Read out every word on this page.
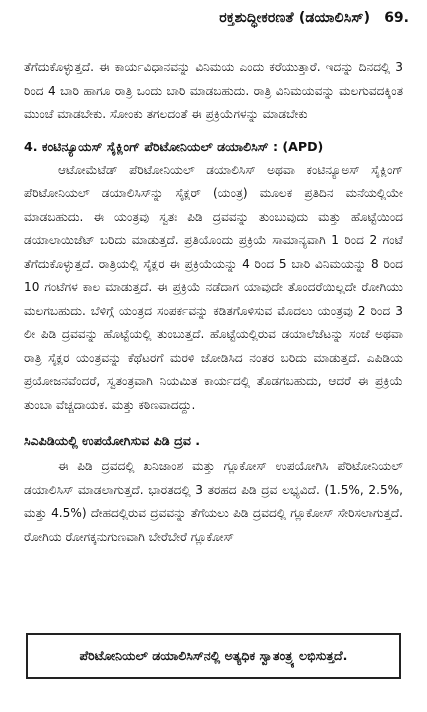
ರಕ್ತಶುದ್ಧೀಕರಣತೆ (ಡಯಾಲಿಸಿಸ್) 69.

ತೆಗೆದುಕೊಳ್ಳುತ್ತದೆ. ಈ ಕಾರ್ಯವಿಧಾನವನ್ನು ವಿನಿಮಯ ಎಂದು ಕರೆಯುತ್ತಾರೆ. ಇದನ್ನು ದಿನದಲ್ಲಿ 3 ರಿಂದ 4 ಬಾರಿ ಹಾಗೂ ರಾತ್ರಿ ಒಂದು ಬಾರಿ ಮಾಡಬಹುದು. ರಾತ್ರಿ ವಿನಿಮಯವನ್ನು ಮಲಗುವದಕ್ಕಿಂತ ಮುಂಚೆ ಮಾಡಬೇಕು. ಸೋಂಕು ತಗಲದಂತೆ ಈ ಪ್ರಕ್ರಿಯೆಗಳನ್ನು ಮಾಡಬೇಕು

4. ಕಂಟಿನ್ಯೂಯಸ್ ಸೈಕ್ಲಿಂಗ್ ಪೆರಿಟೋನಿಯಲ್ ಡಯಾಲಿಸಿಸ್ : (APD)

ಆಟೋಮೆಟೆಡ್ ಪೆರಿಟೋನಿಯಲ್ ಡಯಾಲಿಸಿಸ್ ಅಥವಾ ಕಂಟಿನ್ಯೂಅಸ್ ಸೈಕ್ಲಿಂಗ್ ಪೆರಿಟೋನಿಯಲ್ ಡಯಾಲಿಸಿಸ್‌ನ್ನು ಸೈಕ್ಲರ್ (ಯಂತ್ರ) ಮೂಲಕ ಪ್ರತಿದಿನ ಮನೆಯಲ್ಲಿಯೇ ಮಾಡಬಹುದು. ಈ ಯಂತ್ರವು ಸ್ವತಃ ಪಿಡಿ ದ್ರವವನ್ನು ತುಂಬುವುದು ಮತ್ತು ಹೊಟ್ಟೆಯಿಂದ ಡಯಾಲಾಯಿಜೆಟ್ ಬರಿದು ಮಾಡುತ್ತದೆ. ಪ್ರತಿಯೊಂದು ಪ್ರಕ್ರಿಯೆ ಸಾಮಾನ್ಯವಾಗಿ 1 ರಿಂದ 2 ಗಂಟೆ ತೆಗೆದುಕೊಳ್ಳುತ್ತದೆ. ರಾತ್ರಿಯಲ್ಲಿ ಸೈಕ್ಲರ ಈ ಪ್ರಕ್ರಿಯೆಯನ್ನು 4 ರಿಂದ 5 ಬಾರಿ ವಿನಿಮಯನ್ನು 8 ರಿಂದ 10 ಗಂಟೆಗಳ ಕಾಲ ಮಾಡುತ್ತದೆ. ಈ ಪ್ರಕ್ರಿಯೆ ನಡೆದಾಗ ಯಾವುದೇ ತೊಂದರೆಯಿಲ್ಲದೇ ರೋಗಿಯು ಮಲಗಬಹುದು. ಬೆಳಿಗ್ಗೆ ಯಂತ್ರದ ಸಂಪರ್ಕವನ್ನು ಕಡಿತಗೊಳಿಸುವ ಮೊದಲು ಯಂತ್ರವು 2 ರಿಂದ 3 ಲೀ ಪಿಡಿ ದ್ರವವನ್ನು ಹೊಟ್ಟೆಯಲ್ಲಿ ತುಂಬುತ್ತದೆ. ಹೊಟ್ಟೆಯಲ್ಲಿರುವ ಡಯಾಲೆಜೆಟನ್ನು ಸಂಜೆ ಅಥವಾ ರಾತ್ರಿ ಸೈಕ್ಲರ ಯಂತ್ರವನ್ನು ಕೆಥೆಟರಗೆ ಮರಳಿ ಜೋಡಿಸಿದ ನಂತರ ಬರಿದು ಮಾಡುತ್ತದೆ. ಎಪಿಡಿಯ ಪ್ರಯೋಜನವೆಂದರೆ, ಸ್ವತಂತ್ರವಾಗಿ ನಿಯಮಿತ ಕಾರ್ಯದಲ್ಲಿ ತೊಡಗಬಹುದು, ಆದರೆ ಈ ಪ್ರಕ್ರಿಯೆ ತುಂಬಾ ವೆಚ್ಚದಾಯಕ. ಮತ್ತು ಕಠಿಣವಾದದ್ದು.

ಸಿಎಪಿಡಿಯಲ್ಲಿ ಉಪಯೋಗಿಸುವ ಪಿಡಿ ದ್ರವ .

ಈ ಪಿಡಿ ದ್ರವದಲ್ಲಿ ಖನಿಜಾಂಶ ಮತ್ತು ಗ್ಲೂಕೋಸ್ ಉಪಯೋಗಿಸಿ ಪೆರಿಟೋನಿಯಲ್ ಡಯಾಲಿಸಿಸ್ ಮಾಡಲಾಗುತ್ತದೆ. ಭಾರತದಲ್ಲಿ 3 ತರಹದ ಪಿಡಿ ದ್ರವ ಲಭ್ಯವಿದೆ. (1.5%, 2.5%, ಮತ್ತು 4.5%) ದೇಹದಲ್ಲಿರುವ ದ್ರವವನ್ನು ತೆಗೆಯಲು ಪಿಡಿ ದ್ರವದಲ್ಲಿ ಗ್ಲೂಕೋಸ್ ಸೇರಿಸಲಾಗುತ್ತದೆ. ರೋಗಿಯ ರೋಗಕ್ಕನುಗುಣವಾಗಿ ಬೇರೆಬೇರೆ ಗ್ಲೂಕೋಸ್

ಪೆರಿಟೋನಿಯಲ್ ಡಯಾಲಿಸಿಸ್‌ನಲ್ಲಿ ಅತ್ಯಧಿಕ ಸ್ವಾತಂತ್ರ್ಯ ಲಭಿಸುತ್ತದೆ.
